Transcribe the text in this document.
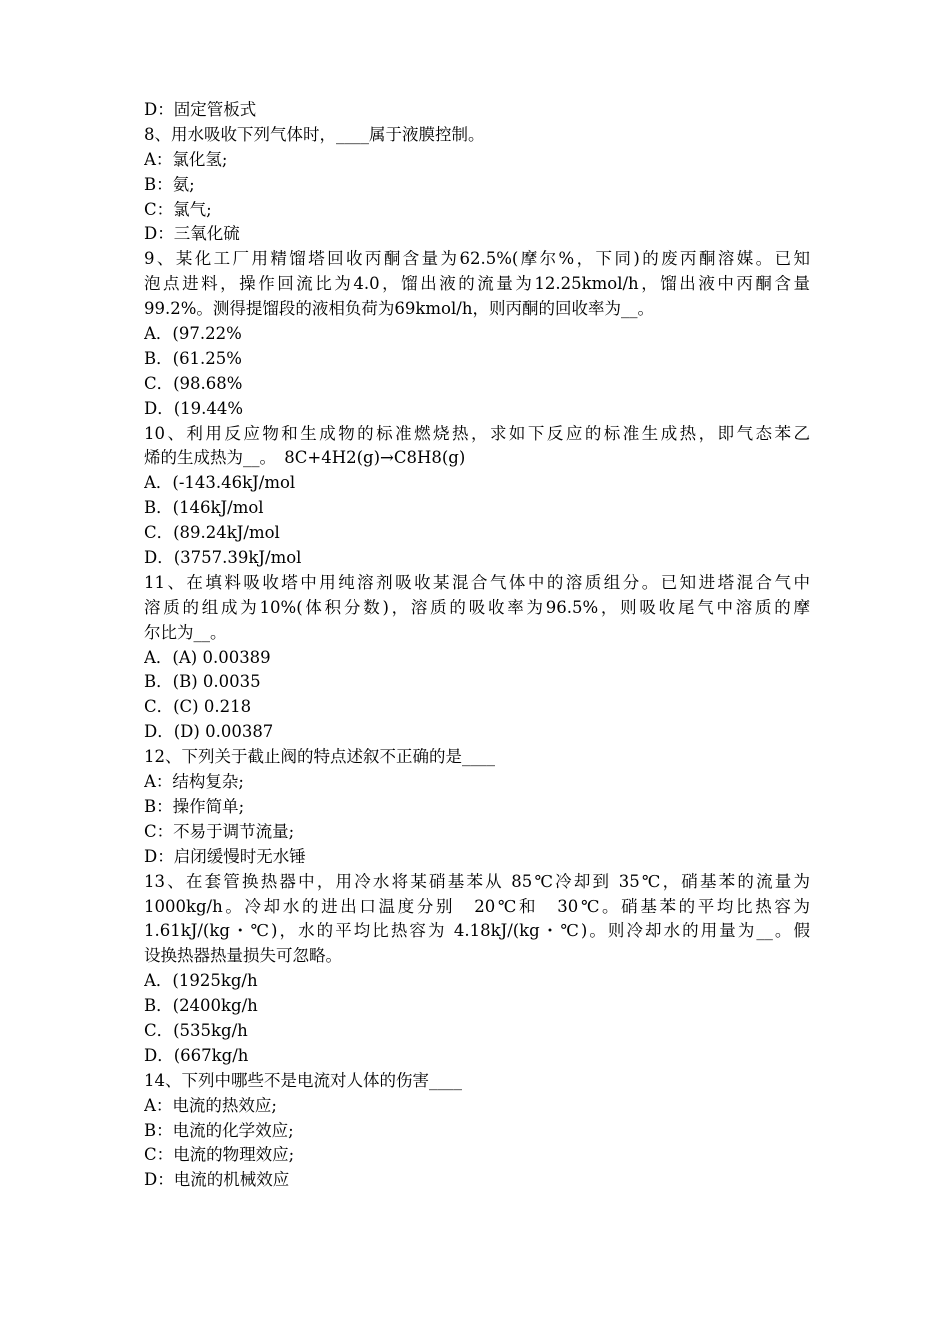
D：固定管板式
8、用水吸收下列气体时，____属于液膜控制。
A：氯化氢;
B：氨;
C：氯气;
D：三氧化硫
9、某化工厂用精馏塔回收丙酮含量为62.5%(摩尔%，下同)的废丙酮溶媒。已知
泡点进料，操作回流比为4.0，馏出液的流量为12.25kmol/h，馏出液中丙酮含量
99.2%。测得提馏段的液相负荷为69kmol/h，则丙酮的回收率为__。
A．(97.22%
B．(61.25%
C．(98.68%
D．(19.44%
10、利用反应物和生成物的标准燃烧热，求如下反应的标准生成热，即气态苯乙
烯的生成热为__。　8C+4H2(g)→C8H8(g)
A．(-143.46kJ/mol
B．(146kJ/mol
C．(89.24kJ/mol
D．(3757.39kJ/mol
11、在填料吸收塔中用纯溶剂吸收某混合气体中的溶质组分。已知进塔混合气中
溶质的组成为10%(体积分数)，溶质的吸收率为96.5%，则吸收尾气中溶质的摩
尔比为__。
A．(A) 0.00389
B．(B) 0.0035
C．(C) 0.218
D．(D) 0.00387
12、下列关于截止阀的特点述叙不正确的是____
A：结构复杂;
B：操作简单;
C：不易于调节流量;
D：启闭缓慢时无水锤
13、在套管换热器中，用冷水将某硝基苯从 85℃冷却到 35℃，硝基苯的流量为
1000kg/h。冷却水的进出口温度分别　20℃和　30℃。硝基苯的平均比热容为
1.61kJ/(kg・℃)，水的平均比热容为 4.18kJ/(kg・℃)。则冷却水的用量为__。假
设换热器热量损失可忽略。
A．(1925kg/h
B．(2400kg/h
C．(535kg/h
D．(667kg/h
14、下列中哪些不是电流对人体的伤害____
A：电流的热效应;
B：电流的化学效应;
C：电流的物理效应;
D：电流的机械效应
